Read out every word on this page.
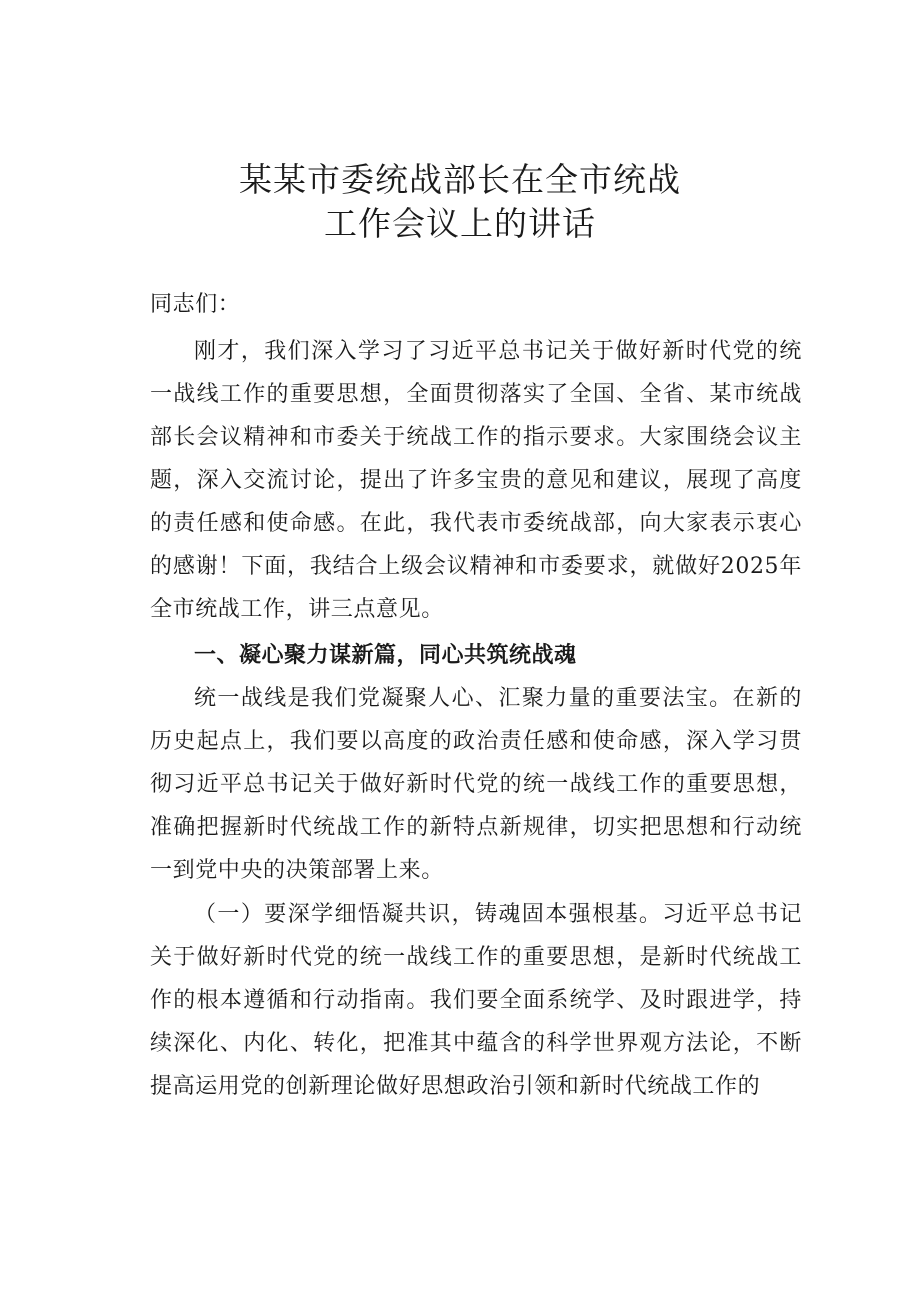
某某市委统战部长在全市统战
工作会议上的讲话
同志们：
刚才，我们深入学习了习近平总书记关于做好新时代党的统一战线工作的重要思想，全面贯彻落实了全国、全省、某市统战部长会议精神和市委关于统战工作的指示要求。大家围绕会议主题，深入交流讨论，提出了许多宝贵的意见和建议，展现了高度的责任感和使命感。在此，我代表市委统战部，向大家表示衷心的感谢！下面，我结合上级会议精神和市委要求，就做好2025年全市统战工作，讲三点意见。
一、凝心聚力谋新篇，同心共筑统战魂
统一战线是我们党凝聚人心、汇聚力量的重要法宝。在新的历史起点上，我们要以高度的政治责任感和使命感，深入学习贯彻习近平总书记关于做好新时代党的统一战线工作的重要思想，准确把握新时代统战工作的新特点新规律，切实把思想和行动统一到党中央的决策部署上来。
（一）要深学细悟凝共识，铸魂固本强根基。习近平总书记关于做好新时代党的统一战线工作的重要思想，是新时代统战工作的根本遵循和行动指南。我们要全面系统学、及时跟进学，持续深化、内化、转化，把准其中蕴含的科学世界观方法论，不断提高运用党的创新理论做好思想政治引领和新时代统战工作的
